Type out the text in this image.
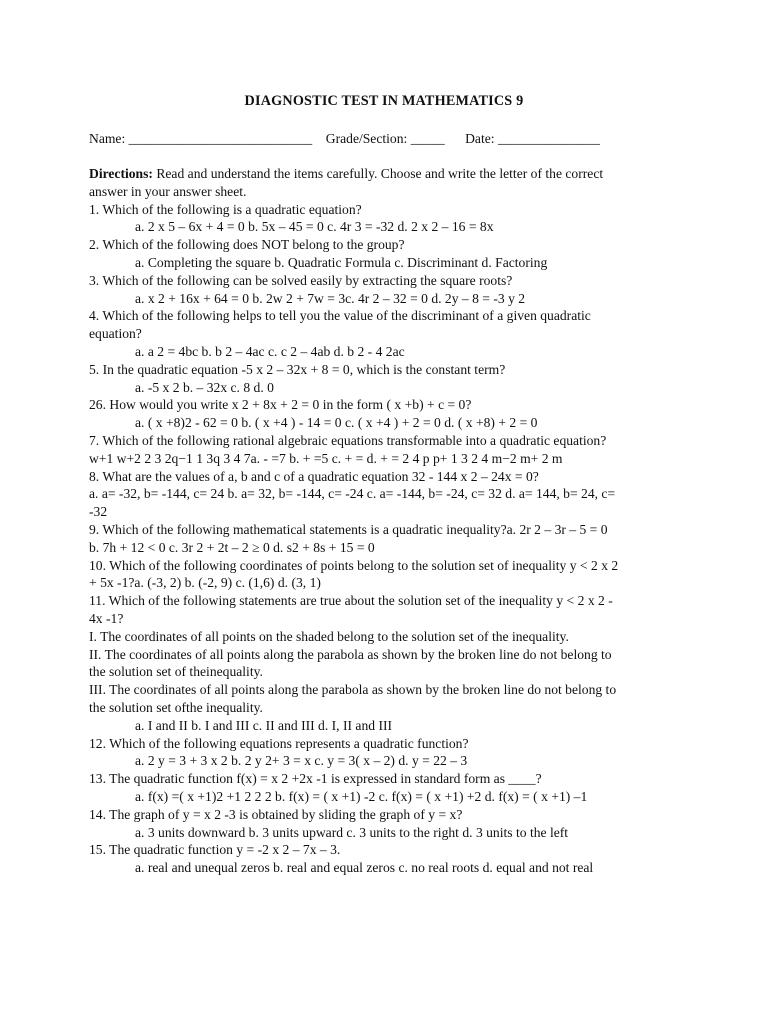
DIAGNOSTIC TEST IN MATHEMATICS 9
Name: ___________________________ Grade/Section: _____ Date: _______________
Directions: Read and understand the items carefully. Choose and write the letter of the correct
answer in your answer sheet.
1. Which of the following is a quadratic equation?
a. 2 x 5 – 6x + 4 = 0 b. 5x – 45 = 0 c. 4r 3 = -32 d. 2 x 2 – 16 = 8x
2. Which of the following does NOT belong to the group?
a. Completing the square b. Quadratic Formula c. Discriminant d. Factoring
3. Which of the following can be solved easily by extracting the square roots?
a. x 2 + 16x + 64 = 0 b. 2w 2 + 7w = 3c. 4r 2 – 32 = 0 d. 2y – 8 = -3 y 2
4. Which of the following helps to tell you the value of the discriminant of a given quadratic
equation?
a. a 2 = 4bc b. b 2 – 4ac c. c 2 – 4ab d. b 2 - 4 2ac
5. In the quadratic equation -5 x 2 – 32x + 8 = 0, which is the constant term?
a. -5 x 2 b. – 32x c. 8 d. 0
26. How would you write x 2 + 8x + 2 = 0 in the form ( x +b) + c = 0?
a. ( x +8)2 - 62 = 0 b. ( x +4 ) - 14 = 0 c. ( x +4 ) + 2 = 0 d. ( x +8) + 2 = 0
7. Which of the following rational algebraic equations transformable into a quadratic equation?
w+1 w+2 2 3 2q−1 1 3q 3 4 7a. - =7 b. + =5 c. + = d. + = 2 4 p p+ 1 3 2 4 m−2 m+ 2 m
8. What are the values of a, b and c of a quadratic equation 32 - 144 x 2 – 24x = 0?
a. a= -32, b= -144, c= 24 b. a= 32, b= -144, c= -24 c. a= -144, b= -24, c= 32 d. a= 144, b= 24, c=
-32
9. Which of the following mathematical statements is a quadratic inequality?a. 2r 2 – 3r – 5 = 0
b. 7h + 12 < 0 c. 3r 2 + 2t – 2 ≥ 0 d. s2 + 8s + 15 = 0
10. Which of the following coordinates of points belong to the solution set of inequality y < 2 x 2
+ 5x -1?a. (-3, 2) b. (-2, 9) c. (1,6) d. (3, 1)
11. Which of the following statements are true about the solution set of the inequality y < 2 x 2 -
4x -1?
I. The coordinates of all points on the shaded belong to the solution set of the inequality.
II. The coordinates of all points along the parabola as shown by the broken line do not belong to
the solution set of theinequality.
III. The coordinates of all points along the parabola as shown by the broken line do not belong to
the solution set ofthe inequality.
a. I and II b. I and III c. II and III d. I, II and III
12. Which of the following equations represents a quadratic function?
a. 2 y = 3 + 3 x 2 b. 2 y 2+ 3 = x c. y = 3( x – 2) d. y = 22 – 3
13. The quadratic function f(x) = x 2 +2x -1 is expressed in standard form as ____?
a. f(x) =( x +1)2 +1 2 2 2 b. f(x) = ( x +1) -2 c. f(x) = ( x +1) +2 d. f(x) = ( x +1) –1
14. The graph of y = x 2 -3 is obtained by sliding the graph of y = x?
a. 3 units downward b. 3 units upward c. 3 units to the right d. 3 units to the left
15. The quadratic function y = -2 x 2 – 7x – 3.
a. real and unequal zeros b. real and equal zeros c. no real roots d. equal and not real
